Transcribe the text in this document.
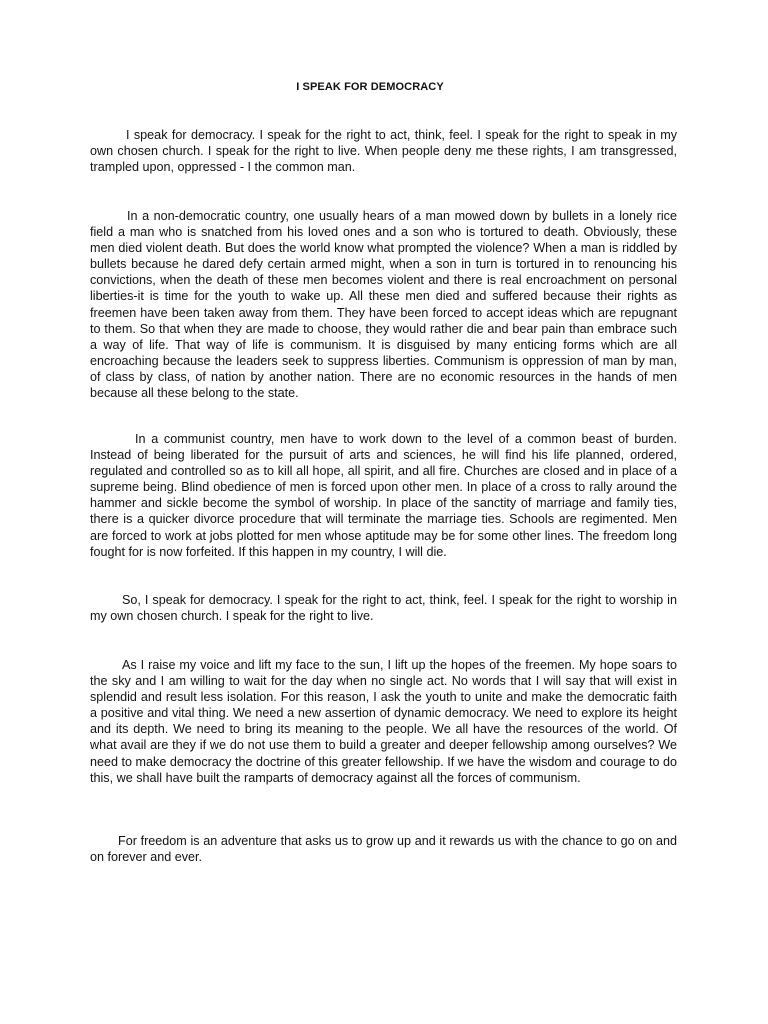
I SPEAK FOR DEMOCRACY

I speak for democracy. I speak for the right to act, think, feel. I speak for the right to speak in my own chosen church. I speak for the right to live. When people deny me these rights, I am transgressed, trampled upon, oppressed - I the common man.

In a non-democratic country, one usually hears of a man mowed down by bullets in a lonely rice field a man who is snatched from his loved ones and a son who is tortured to death. Obviously, these men died violent death. But does the world know what prompted the violence? When a man is riddled by bullets because he dared defy certain armed might, when a son in turn is tortured in to renouncing his convictions, when the death of these men becomes violent and there is real encroachment on personal liberties-it is time for the youth to wake up. All these men died and suffered because their rights as freemen have been taken away from them. They have been forced to accept ideas which are repugnant to them. So that when they are made to choose, they would rather die and bear pain than embrace such a way of life. That way of life is communism. It is disguised by many enticing forms which are all encroaching because the leaders seek to suppress liberties. Communism is oppression of man by man, of class by class, of nation by another nation. There are no economic resources in the hands of men because all these belong to the state.

In a communist country, men have to work down to the level of a common beast of burden. Instead of being liberated for the pursuit of arts and sciences, he will find his life planned, ordered, regulated and controlled so as to kill all hope, all spirit, and all fire. Churches are closed and in place of a supreme being. Blind obedience of men is forced upon other men. In place of a cross to rally around the hammer and sickle become the symbol of worship. In place of the sanctity of marriage and family ties, there is a quicker divorce procedure that will terminate the marriage ties. Schools are regimented. Men are forced to work at jobs plotted for men whose aptitude may be for some other lines. The freedom long fought for is now forfeited. If this happen in my country, I will die.

So, I speak for democracy. I speak for the right to act, think, feel. I speak for the right to worship in my own chosen church. I speak for the right to live.

As I raise my voice and lift my face to the sun, I lift up the hopes of the freemen. My hope soars to the sky and I am willing to wait for the day when no single act. No words that I will say that will exist in splendid and result less isolation. For this reason, I ask the youth to unite and make the democratic faith a positive and vital thing. We need a new assertion of dynamic democracy. We need to explore its height and its depth. We need to bring its meaning to the people. We all have the resources of the world. Of what avail are they if we do not use them to build a greater and deeper fellowship among ourselves? We need to make democracy the doctrine of this greater fellowship. If we have the wisdom and courage to do this, we shall have built the ramparts of democracy against all the forces of communism.

For freedom is an adventure that asks us to grow up and it rewards us with the chance to go on and on forever and ever.
